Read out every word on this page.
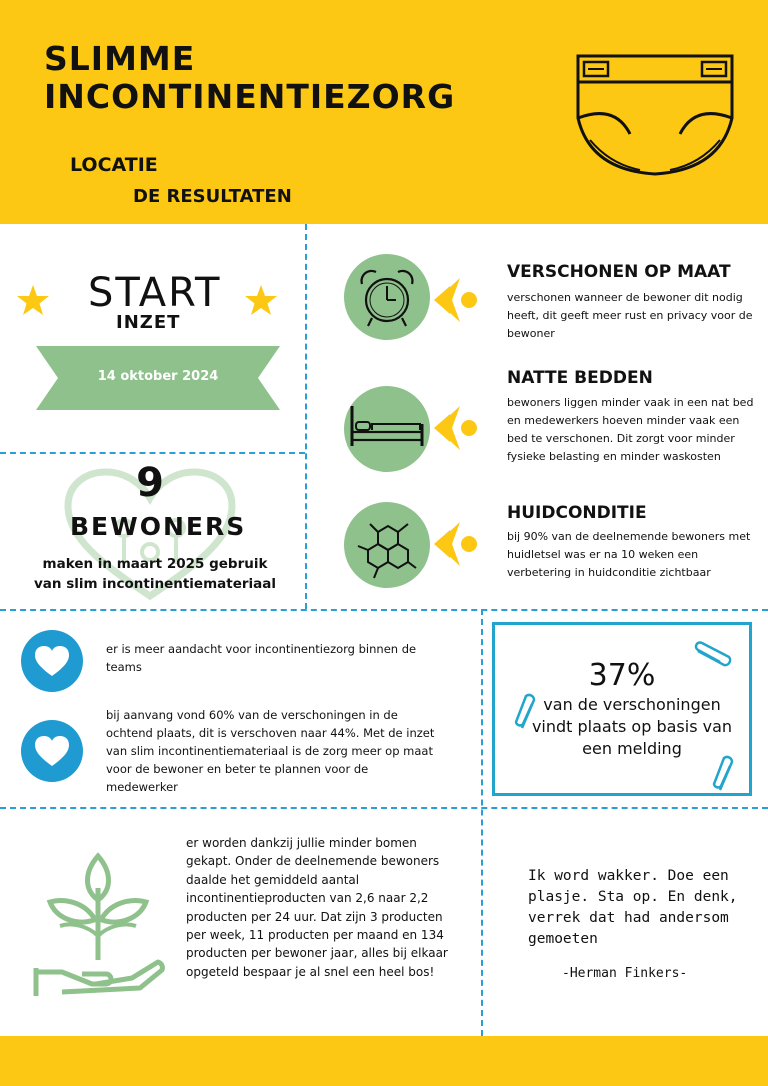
SLIMME
INCONTINENTIEZORG
LOCATIE
DE RESULTATEN
START
INZET
14 oktober 2024
9
BEWONERS
maken in maart 2025 gebruik van slim incontinentiemateriaal
VERSCHONEN OP MAAT
verschonen wanneer de bewoner dit nodig heeft, dit geeft meer rust en privacy voor de bewoner
NATTE BEDDEN
bewoners liggen minder vaak in een nat bed en medewerkers hoeven minder vaak een bed te verschonen. Dit zorgt voor minder fysieke belasting en minder waskosten
HUIDCONDITIE
bij 90% van de deelnemende bewoners met huidletsel was er na 10 weken een verbetering in huidconditie zichtbaar
er is meer aandacht voor incontinentiezorg binnen de teams
bij aanvang vond 60% van de verschoningen in de ochtend plaats, dit is verschoven naar 44%. Met de inzet van slim incontinentiemateriaal is de zorg meer op maat voor de bewoner en beter te plannen voor de medewerker
37%
van de verschoningen vindt plaats op basis van een melding
er worden dankzij jullie minder bomen gekapt. Onder de deelnemende bewoners daalde het gemiddeld aantal incontinentieproducten van 2,6 naar 2,2 producten per 24 uur. Dat zijn 3 producten per week, 11 producten per maand en 134 producten per bewoner jaar, alles bij elkaar opgeteld bespaar je al snel een heel bos!
Ik word wakker. Doe een plasje. Sta op. En denk, verrek dat had andersom gemoeten
-Herman Finkers-
